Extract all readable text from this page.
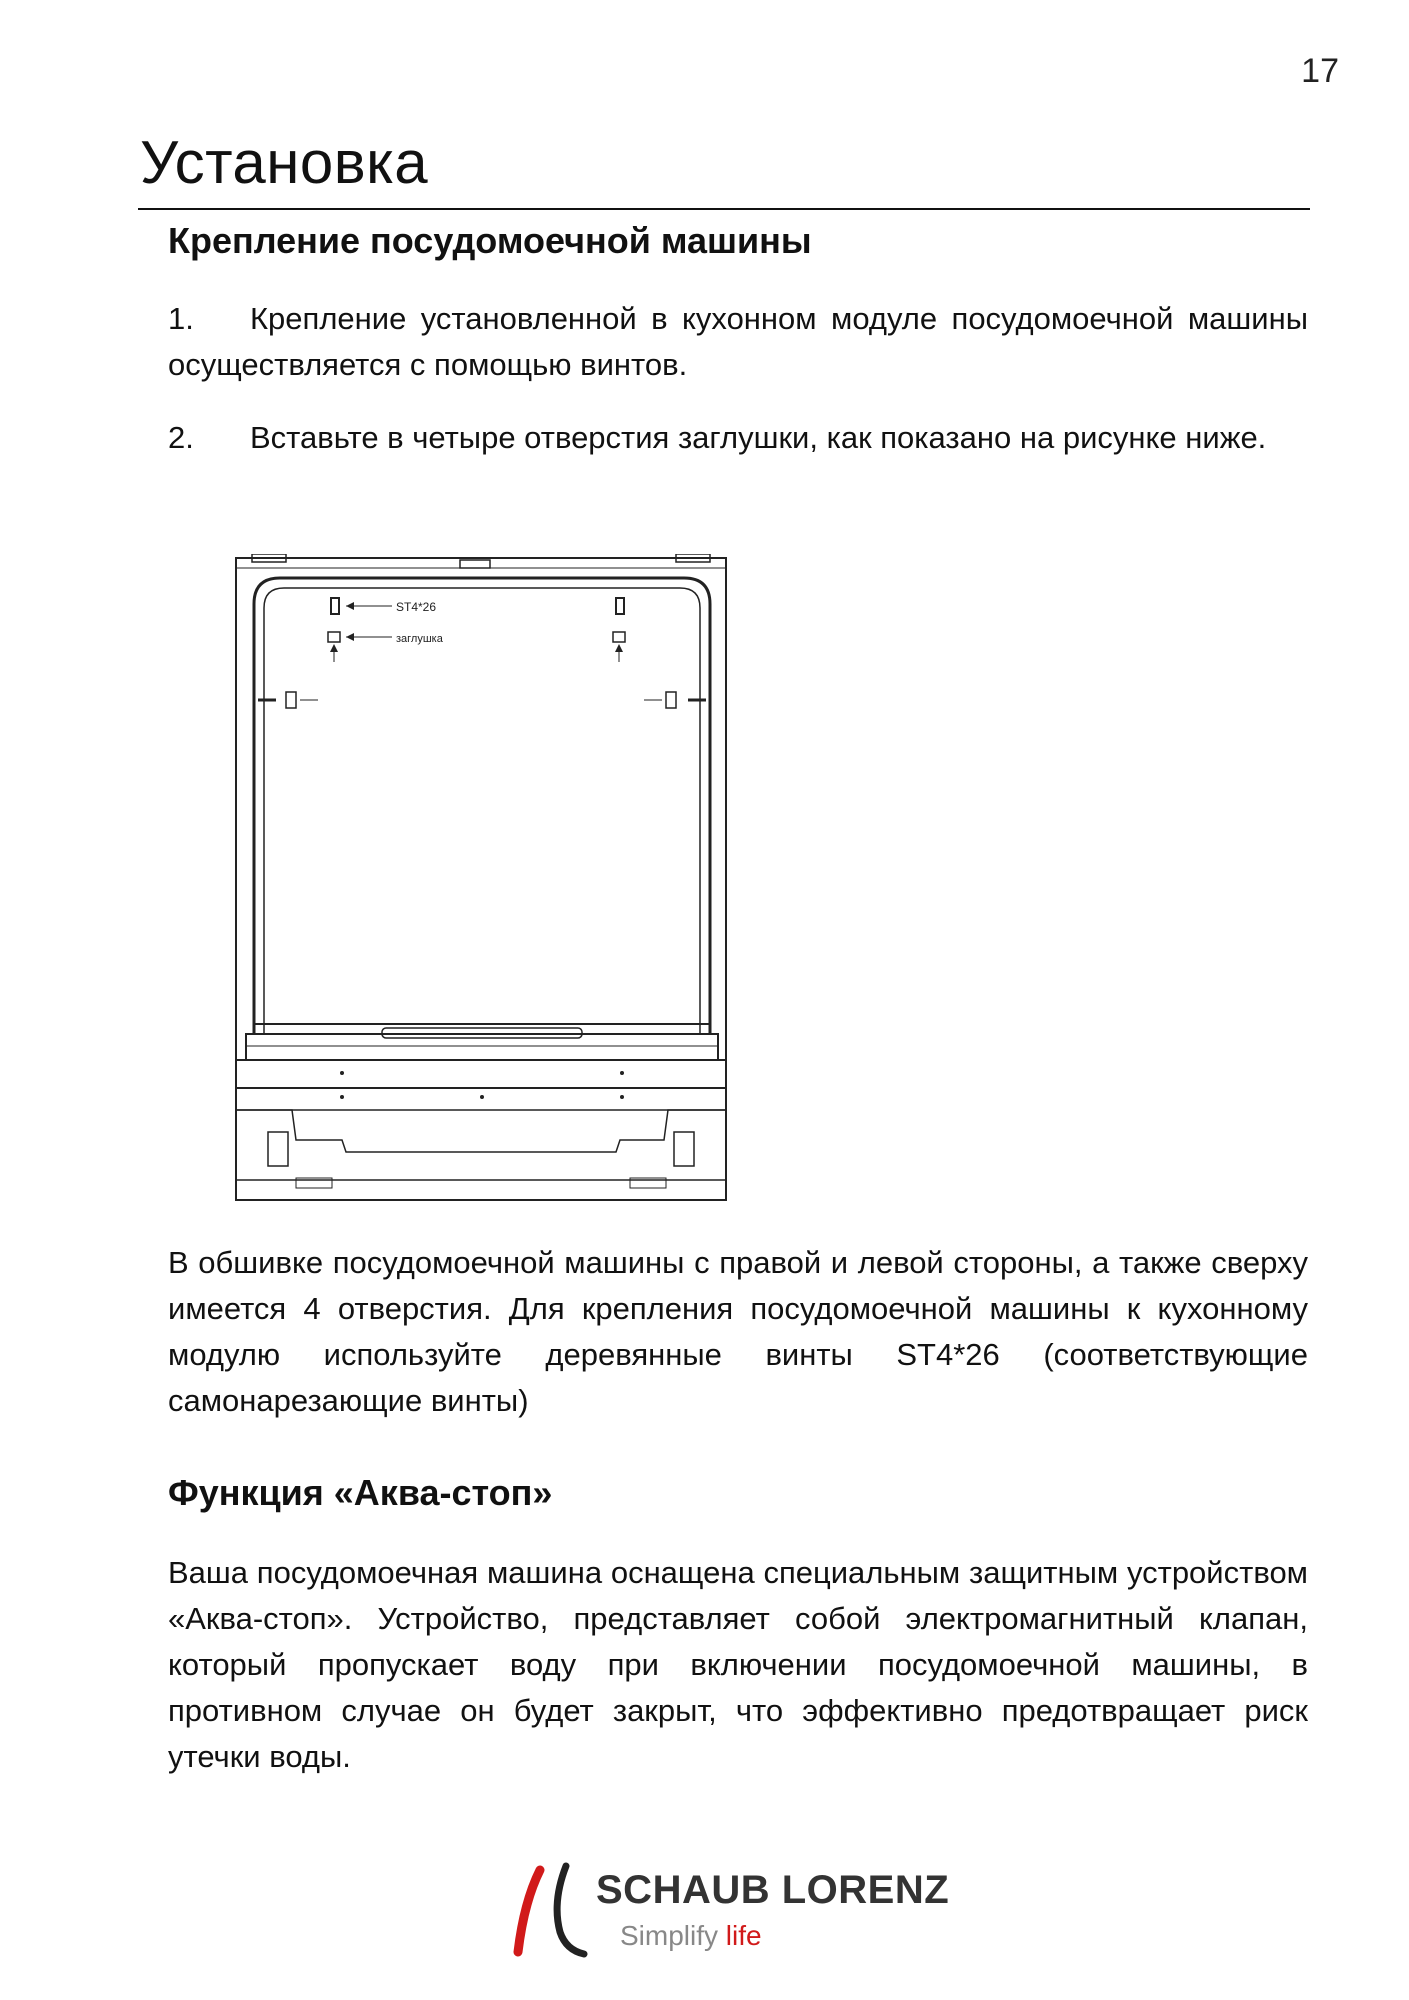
17
Установка
Крепление посудомоечной машины

1. Крепление установленной в кухонном модуле посудомоечной машины осуществляется с помощью винтов.

2. Вставьте в четыре отверстия заглушки, как показано на рисунке ниже.

ST4*26
заглушка

В обшивке посудомоечной машины с правой и левой стороны, а также сверху имеется 4 отверстия. Для крепления посудомоечной машины к кухонному модулю используйте деревянные винты ST4*26 (соответствующие самонарезающие винты)

Функция «Аква-стоп»

Ваша посудомоечная машина оснащена специальным защитным устройством «Аква-стоп». Устройство, представляет собой электромагнитный клапан, который пропускает воду при включении посудомоечной машины, в противном случае он будет закрыт, что эффективно предотвращает риск утечки воды.

SCHAUB LORENZ
Simplify life
